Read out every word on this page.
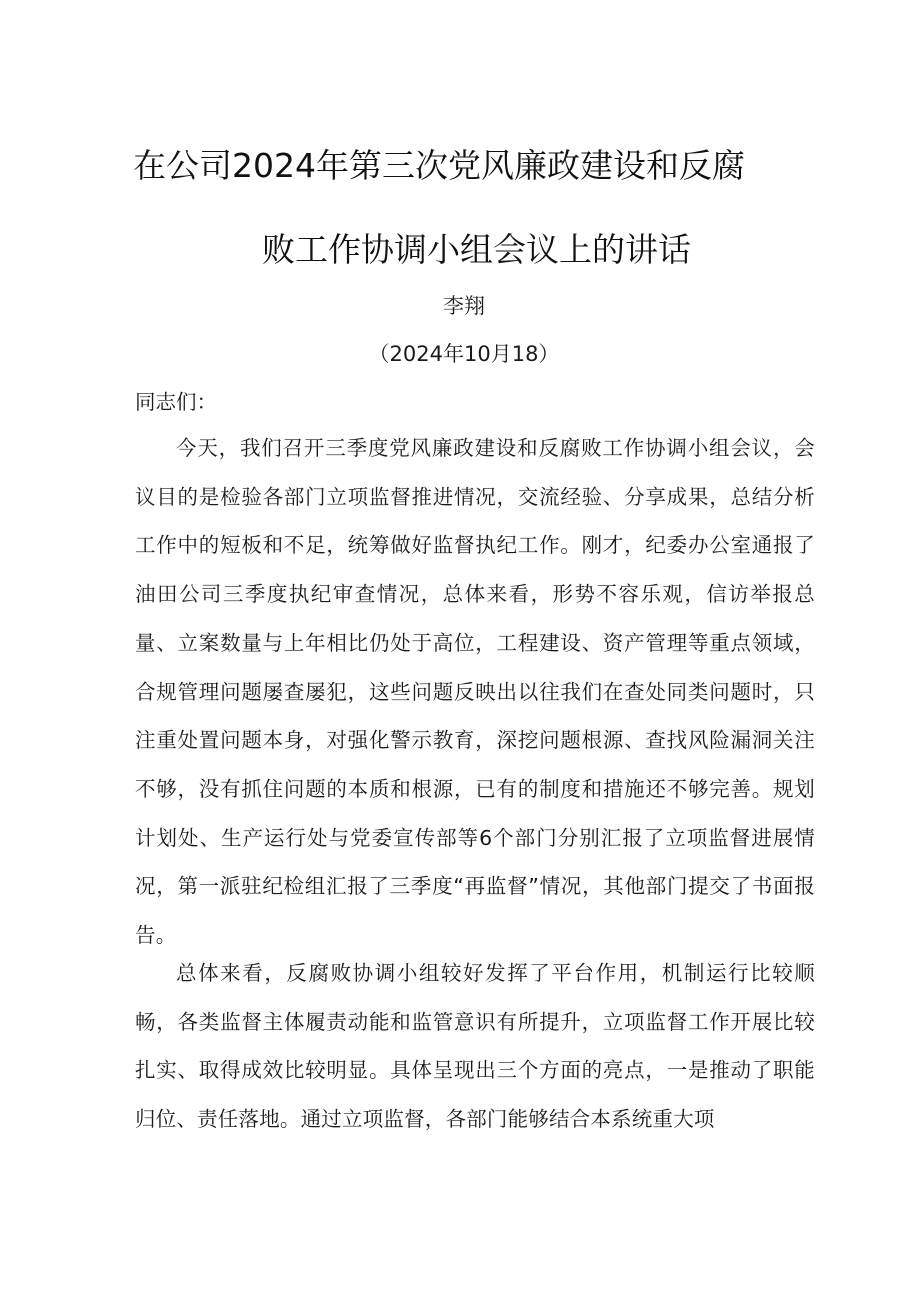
在公司2024年第三次党风廉政建设和反腐
败工作协调小组会议上的讲话
李翔
（2024年10月18）
同志们：
今天，我们召开三季度党风廉政建设和反腐败工作协调小组会议，会议目的是检验各部门立项监督推进情况，交流经验、分享成果，总结分析工作中的短板和不足，统筹做好监督执纪工作。刚才，纪委办公室通报了油田公司三季度执纪审查情况，总体来看，形势不容乐观，信访举报总量、立案数量与上年相比仍处于高位，工程建设、资产管理等重点领域，合规管理问题屡查屡犯，这些问题反映出以往我们在查处同类问题时，只注重处置问题本身，对强化警示教育，深挖问题根源、查找风险漏洞关注不够，没有抓住问题的本质和根源，已有的制度和措施还不够完善。规划计划处、生产运行处与党委宣传部等6个部门分别汇报了立项监督进展情况，第一派驻纪检组汇报了三季度“再监督”情况，其他部门提交了书面报告。
总体来看，反腐败协调小组较好发挥了平台作用，机制运行比较顺畅，各类监督主体履责动能和监管意识有所提升，立项监督工作开展比较扎实、取得成效比较明显。具体呈现出三个方面的亮点，一是推动了职能归位、责任落地。通过立项监督，各部门能够结合本系统重大项
